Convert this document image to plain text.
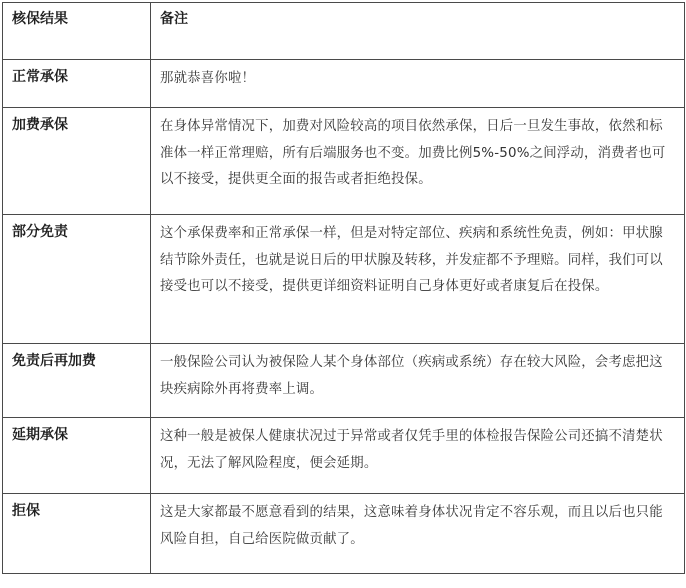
核保结果	备注

正常承保	那就恭喜你啦！

加费承保	在身体异常情况下，加费对风险较高的项目依然承保，日后一旦发生事故，依然和标准体一样正常理赔，所有后端服务也不变。加费比例5%-50%之间浮动，消费者也可以不接受，提供更全面的报告或者拒绝投保。

部分免责	这个承保费率和正常承保一样，但是对特定部位、疾病和系统性免责，例如：甲状腺结节除外责任，也就是说日后的甲状腺及转移，并发症都不予理赔。同样，我们可以接受也可以不接受，提供更详细资料证明自己身体更好或者康复后在投保。

免责后再加费	一般保险公司认为被保险人某个身体部位（疾病或系统）存在较大风险，会考虑把这块疾病除外再将费率上调。

延期承保	这种一般是被保人健康状况过于异常或者仅凭手里的体检报告保险公司还搞不清楚状况，无法了解风险程度，便会延期。

拒保	这是大家都最不愿意看到的结果，这意味着身体状况肯定不容乐观，而且以后也只能风险自担，自己给医院做贡献了。
